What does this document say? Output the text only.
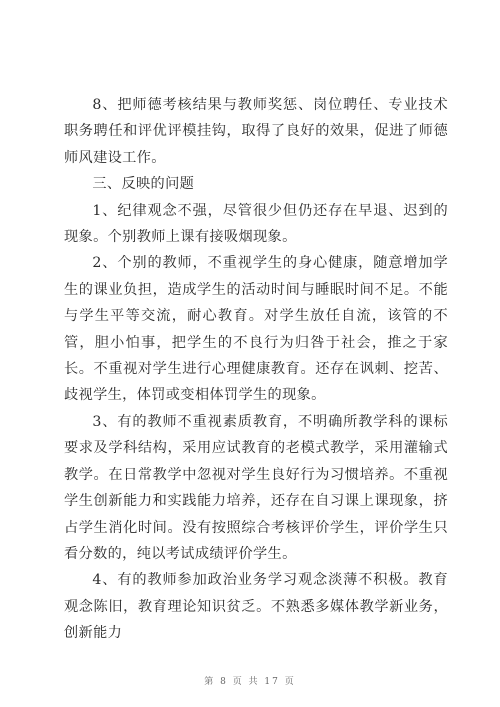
8、把师德考核结果与教师奖惩、岗位聘任、专业技术职务聘任和评优评模挂钩，取得了良好的效果，促进了师德师风建设工作。

三、反映的问题

1、纪律观念不强，尽管很少但仍还存在早退、迟到的现象。个别教师上课有接吸烟现象。

2、个别的教师，不重视学生的身心健康，随意增加学生的课业负担，造成学生的活动时间与睡眠时间不足。不能与学生平等交流，耐心教育。对学生放任自流，该管的不管，胆小怕事，把学生的不良行为归咎于社会，推之于家长。不重视对学生进行心理健康教育。还存在讽刺、挖苦、歧视学生，体罚或变相体罚学生的现象。

3、有的教师不重视素质教育，不明确所教学科的课标要求及学科结构，采用应试教育的老模式教学，采用灌输式教学。在日常教学中忽视对学生良好行为习惯培养。不重视学生创新能力和实践能力培养，还存在自习课上课现象，挤占学生消化时间。没有按照综合考核评价学生，评价学生只看分数的，纯以考试成绩评价学生。

4、有的教师参加政治业务学习观念淡薄不积极。教育观念陈旧，教育理论知识贫乏。不熟悉多媒体教学新业务，创新能力

第 8 页 共 17 页
